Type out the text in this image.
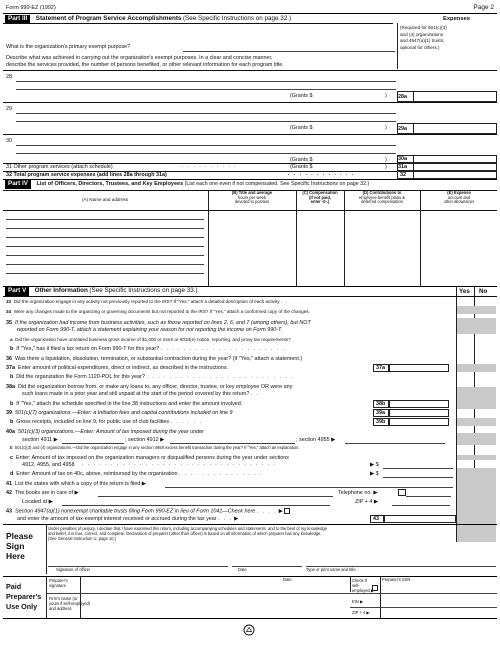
Form 990-EZ (1992)	Page 2
Part III Statement of Program Service Accomplishments (See Specific Instructions on page 32.)	Expenses
(Required for 501(c)(3)
and (4) organizations
and 4947(a)(1) trusts;
optional for others.)
What is the organization's primary exempt purpose?
Describe what was achieved in carrying out the organization's exempt purposes. In a clear and concise manner,
describe the services provided, the number of persons benefited, or other relevant information for each program title.
28
(Grants $	) 28a
29
(Grants $	) 29a
30
(Grants $	) 30a
31 Other program services (attach schedule)	. . . . . . . . . .	(Grants $	) 31a
32 Total program service expenses (add lines 28a through 31a)	. . . . . . . . . . . .	32
Part IV List of Officers, Directors, Trustees, and Key Employees (List each one even if not compensated. See Specific Instructions on page 32.)
(A) Name and address
(B) Title and average
hours per week
devoted to position
(C) Compensation
(If not paid,
enter -0-.)
(D) Contributions to
employee benefit plans &
deferred compensation
(E) Expense
account and
other allowances
Part V Other Information (See Specific Instructions on page 33.)	Yes No
33 Did the organization engage in any activity not previously reported to the IRS? If "Yes," attach a detailed description of each activity . .
34 Were any changes made to the organizing or governing documents but not reported to the IRS? If "Yes," attach a conformed copy of the changes.
35 If the organization had income from business activities, such as those reported on lines 2, 6, and 7 (among others), but NOT
reported on Form 990-T, attach a statement explaining your reason for not reporting the income on Form 990-T.
a Did the organization have unrelated business gross income of $1,000 or more or 6033(e) notice, reporting, and proxy tax requirements?
b If "Yes," has it filed a tax return on Form 990-T for this year? . . . . . . . . . . . . . . . . . . . . . .
36 Was there a liquidation, dissolution, termination, or substantial contraction during the year? (If "Yes," attach a statement.)
37a Enter amount of political expenditures, direct or indirect, as described in the instructions.	37a
b Did the organization file Form 1120-POL for this year? . . . . . . . . . . . . . . . . . . . . . . . . . .
38a Did the organization borrow from, or make any loans to, any officer, director, trustee, or key employee OR were any
such loans made in a prior year and still unpaid at the start of the period covered by this return? . .
b If "Yes," attach the schedule specified in the line 38 instructions and enter the amount involved.	38b
39 501(c)(7) organizations.—Enter: a Initiation fees and capital contributions included on line 9	39a
b Gross receipts, included on line 9, for public use of club facilities . . . . . .	39b
40a 501(c)(3) organizations.—Enter: Amount of tax imposed during the year under
section 4911 ▶	; section 4912 ▶	; section 4955 ▶
b 501(c)(3) and (4) organizations.—Did the organization engage in any section 4958 excess benefit transaction during the year? If "Yes," attach an explanation.
c Enter: Amount of tax imposed on the organization managers or disqualified persons during the year under sections
4912, 4955, and 4958 . . . . . . . . . . . . . . . . . . . . . . . . . . . . . . . . . .	▶ $
d Enter: Amount of tax on 40c, above, reimbursed by the organization . . . . . . . . . . . . . . .	▶ $
41 List the states with which a copy of this return is filed ▶
42 The books are in care of ▶	Telephone no. ▶
Located at ▶	ZIP + 4 ▶
43 Section 4947(a)(1) nonexempt charitable trusts filing Form 990-EZ in lieu of Form 1041—Check here . . . . ▶
and enter the amount of tax-exempt interest received or accrued during the tax year . . . ▶	43
Please
Sign
Here
Under penalties of perjury, I declare that I have examined this return, including accompanying schedules and statements, and to the best of my knowledge
and belief, it is true, correct, and complete. Declaration of preparer (other than officer) is based on all information of which preparer has any knowledge.
(See General Instruction U, page 10.)
Signature of officer	Date	Type or print name and title.
Paid
Preparer's
Use Only
Preparer's
signature
Date	Check if
self-
employed ▶
Preparer's SSN
Firm's name (or
yours if self-employed)
and address
EIN ▶
ZIP + 4 ▶
